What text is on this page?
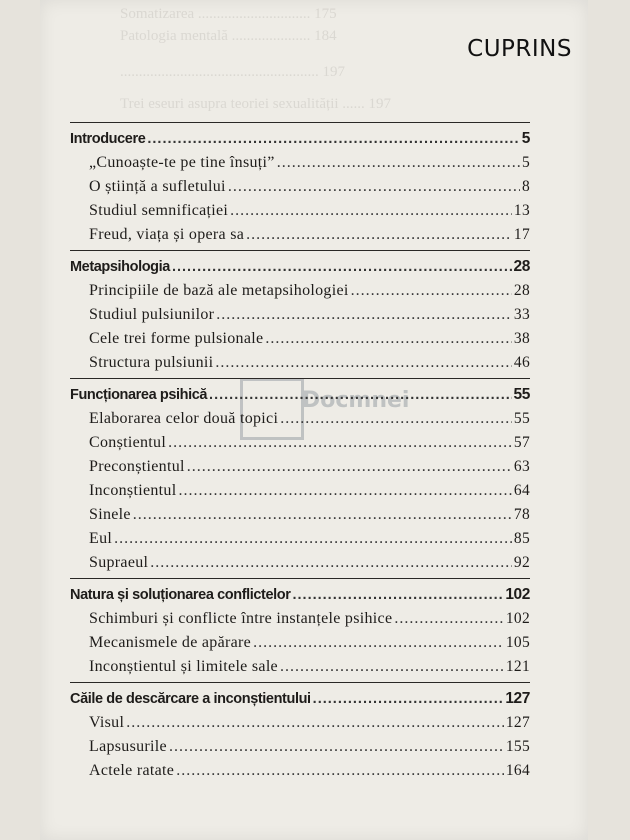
Somatizarea .............................. 175
Patologia mentală ..................... 184
..................................................... 197
Trei eseuri asupra teoriei sexualității ...... 197
CUPRINS
Docmnei
Introducere .....	5
„Cunoaște-te pe tine însuți” .....	5
O știință a sufletului .....	8
Studiul semnificației .....	13
Freud, viața și opera sa .....	17
Metapsihologia .....	28
Principiile de bază ale metapsihologiei .....	28
Studiul pulsiunilor .....	33
Cele trei forme pulsionale .....	38
Structura pulsiunii .....	46
Funcționarea psihică .....	55
Elaborarea celor două topici .....	55
Conștientul .....	57
Preconștientul .....	63
Inconștientul .....	64
Sinele .....	78
Eul .....	85
Supraeul .....	92
Natura și soluționarea conflictelor .....	102
Schimburi și conflicte între instanțele psihice .....	102
Mecanismele de apărare .....	105
Inconștientul și limitele sale .....	121
Căile de descărcare a inconștientului .....	127
Visul .....	127
Lapsusurile .....	155
Actele ratate .....	164
